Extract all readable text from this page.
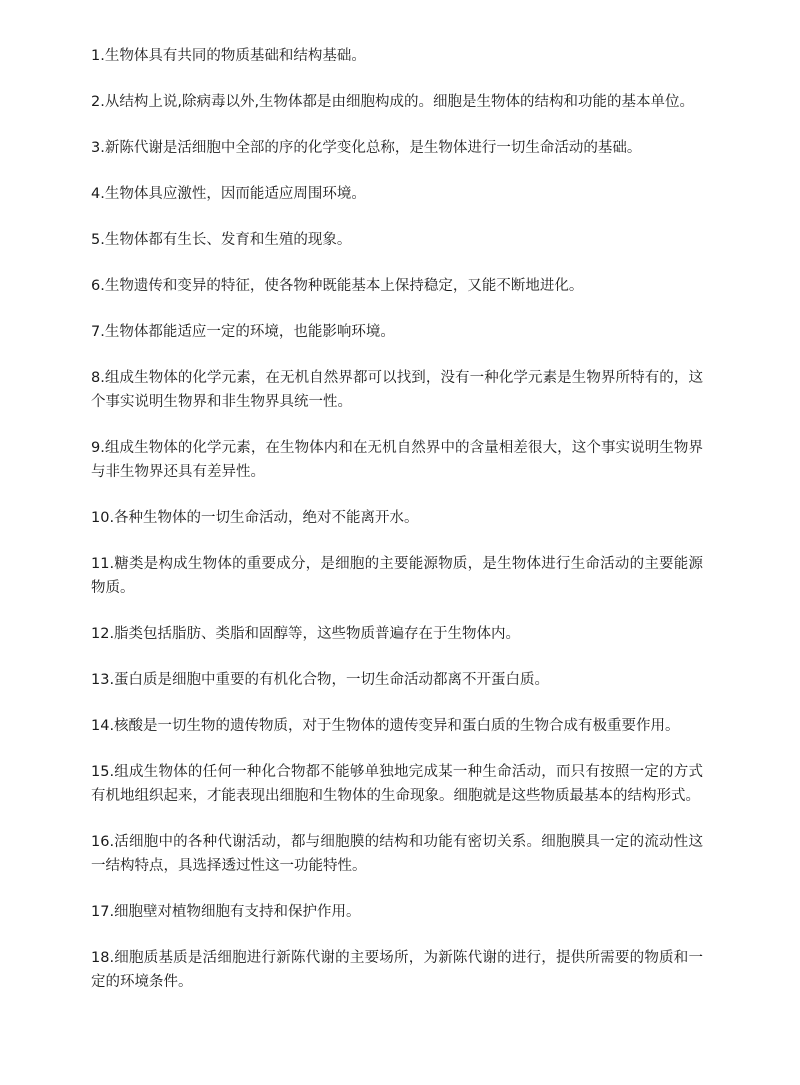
1.生物体具有共同的物质基础和结构基础。

2.从结构上说,除病毒以外,生物体都是由细胞构成的。细胞是生物体的结构和功能的基本单位。

3.新陈代谢是活细胞中全部的序的化学变化总称，是生物体进行一切生命活动的基础。

4.生物体具应激性，因而能适应周围环境。

5.生物体都有生长、发育和生殖的现象。

6.生物遗传和变异的特征，使各物种既能基本上保持稳定，又能不断地进化。

7.生物体都能适应一定的环境，也能影响环境。

8.组成生物体的化学元素，在无机自然界都可以找到，没有一种化学元素是生物界所特有的，这个事实说明生物界和非生物界具统一性。

9.组成生物体的化学元素，在生物体内和在无机自然界中的含量相差很大，这个事实说明生物界与非生物界还具有差异性。

10.各种生物体的一切生命活动，绝对不能离开水。

11.糖类是构成生物体的重要成分，是细胞的主要能源物质，是生物体进行生命活动的主要能源物质。

12.脂类包括脂肪、类脂和固醇等，这些物质普遍存在于生物体内。

13.蛋白质是细胞中重要的有机化合物，一切生命活动都离不开蛋白质。

14.核酸是一切生物的遗传物质，对于生物体的遗传变异和蛋白质的生物合成有极重要作用。

15.组成生物体的任何一种化合物都不能够单独地完成某一种生命活动，而只有按照一定的方式有机地组织起来，才能表现出细胞和生物体的生命现象。细胞就是这些物质最基本的结构形式。

16.活细胞中的各种代谢活动，都与细胞膜的结构和功能有密切关系。细胞膜具一定的流动性这一结构特点，具选择透过性这一功能特性。

17.细胞壁对植物细胞有支持和保护作用。

18.细胞质基质是活细胞进行新陈代谢的主要场所，为新陈代谢的进行，提供所需要的物质和一定的环境条件。
